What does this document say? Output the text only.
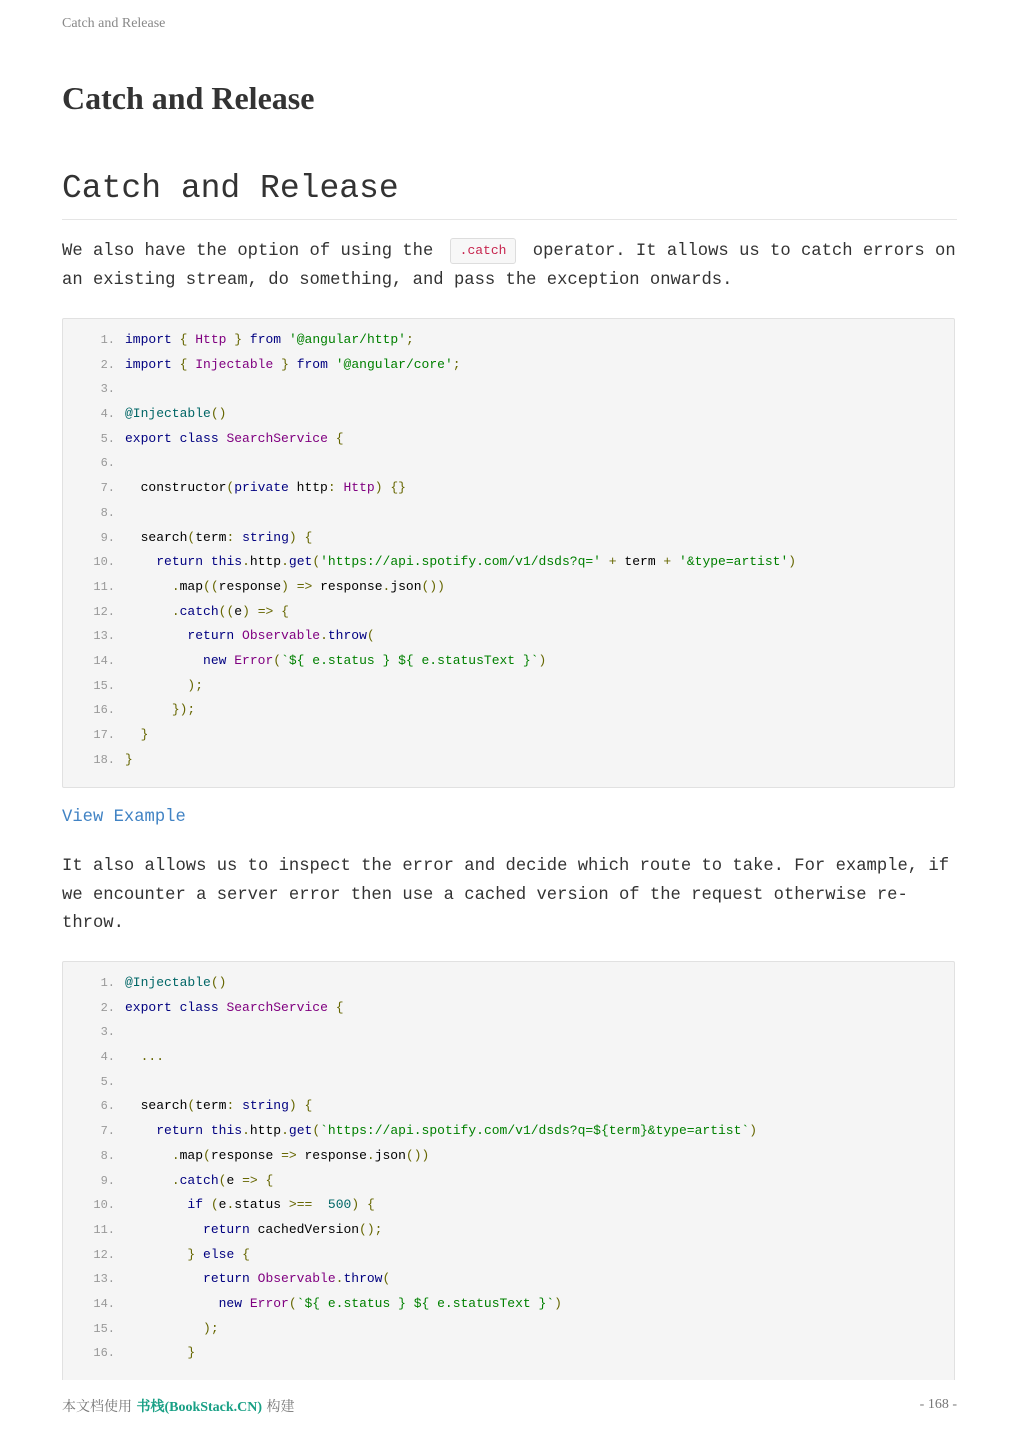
Catch and Release
Catch and Release
Catch and Release

We also have the option of using the .catch operator. It allows us to catch errors on an existing stream, do something, and pass the exception onwards.

1. import { Http } from '@angular/http';
2. import { Injectable } from '@angular/core';
3.
4. @Injectable()
5. export class SearchService {
6.
7. constructor(private http: Http) {}
8.
9. search(term: string) {
10.	return this.http.get('https://api.spotify.com/v1/dsds?q=' + term + '&type=artist')
11.	.map((response) => response.json())
12.	.catch((e) => {
13.	return Observable.throw(
14.	new Error(`${ e.status } ${ e.statusText }`)
15.	);
16.	});
17.	}
18. }
View Example

It also allows us to inspect the error and decide which route to take. For example, if we encounter a server error then use a cached version of the request otherwise re-throw.

1. @Injectable()
2. export class SearchService {
3.
4.	...
5.
6. search(term: string) {
7.	return this.http.get(`https://api.spotify.com/v1/dsds?q=${term}&type=artist`)
8.	.map(response => response.json())
9.	.catch(e => {
10.	if (e.status >== 500) {
11.	return cachedVersion();
12.	} else {
13.	return Observable.throw(
14.	new Error(`${ e.status } ${ e.statusText }`)
15.	);
16.	}
本文档使用 书栈(BookStack.CN) 构建	- 168 -
